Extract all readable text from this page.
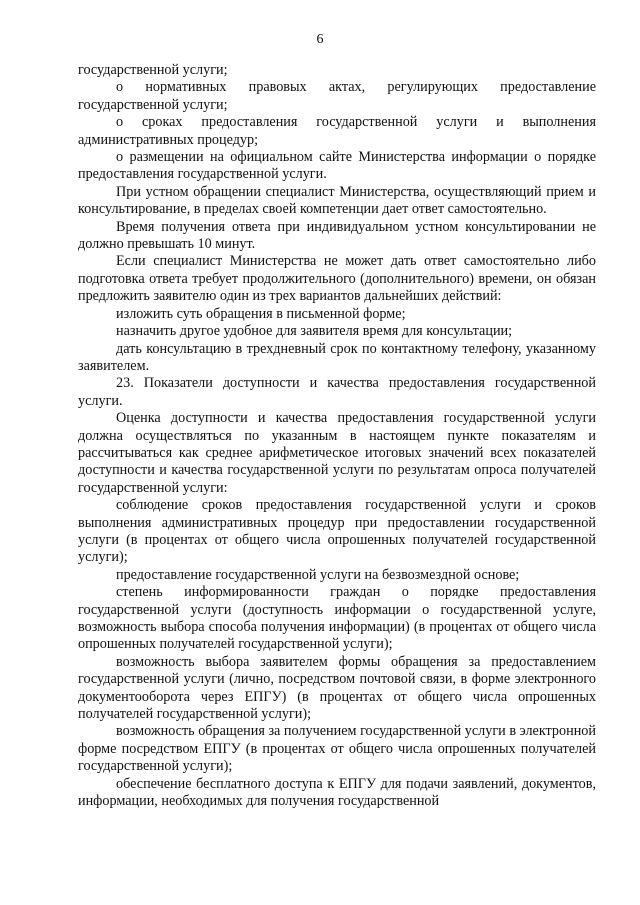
6

государственной услуги;

о нормативных правовых актах, регулирующих предоставление государственной услуги;

о сроках предоставления государственной услуги и выполнения административных процедур;

о размещении на официальном сайте Министерства информации о порядке предоставления государственной услуги.

При устном обращении специалист Министерства, осуществляющий прием и консультирование, в пределах своей компетенции дает ответ самостоятельно.

Время получения ответа при индивидуальном устном консультировании не должно превышать 10 минут.

Если специалист Министерства не может дать ответ самостоятельно либо подготовка ответа требует продолжительного (дополнительного) времени, он обязан предложить заявителю один из трех вариантов дальнейших действий:

изложить суть обращения в письменной форме;

назначить другое удобное для заявителя время для консультации;

дать консультацию в трехдневный срок по контактному телефону, указанному заявителем.

23. Показатели доступности и качества предоставления государственной услуги.

Оценка доступности и качества предоставления государственной услуги должна осуществляться по указанным в настоящем пункте показателям и рассчитываться как среднее арифметическое итоговых значений всех показателей доступности и качества государственной услуги по результатам опроса получателей государственной услуги:

соблюдение сроков предоставления государственной услуги и сроков выполнения административных процедур при предоставлении государственной услуги (в процентах от общего числа опрошенных получателей государственной услуги);

предоставление государственной услуги на безвозмездной основе;

степень информированности граждан о порядке предоставления государственной услуги (доступность информации о государственной услуге, возможность выбора способа получения информации) (в процентах от общего числа опрошенных получателей государственной услуги);

возможность выбора заявителем формы обращения за предоставлением государственной услуги (лично, посредством почтовой связи, в форме электронного документооборота через ЕПГУ) (в процентах от общего числа опрошенных получателей государственной услуги);

возможность обращения за получением государственной услуги в электронной форме посредством ЕПГУ (в процентах от общего числа опрошенных получателей государственной услуги);

обеспечение бесплатного доступа к ЕПГУ для подачи заявлений, документов, информации, необходимых для получения государственной
